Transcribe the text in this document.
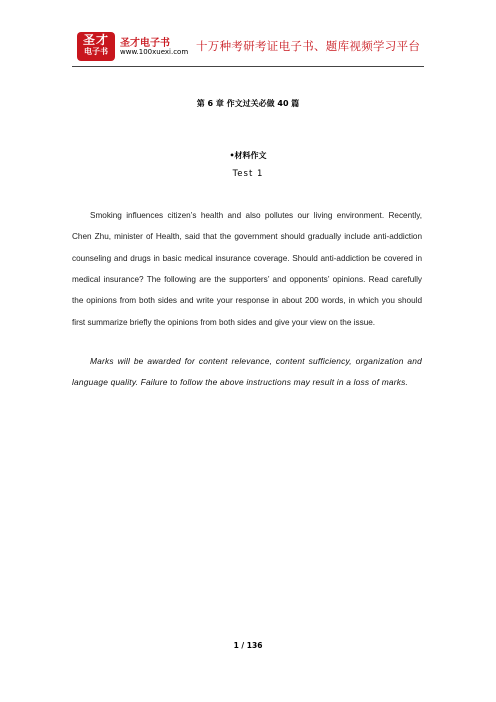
圣才
电子书
圣才电子书
www.100xuexi.com 十万种考研考证电子书、题库视频学习平台
第 6 章 作文过关必做 40 篇
•材料作文
Test 1

Smoking influences citizen’s health and also pollutes our living environment. Recently, Chen Zhu, minister of Health, said that the government should gradually include anti-addiction counseling and drugs in basic medical insurance coverage. Should anti-addiction be covered in medical insurance? The following are the supporters’ and opponents’ opinions. Read carefully the opinions from both sides and write your response in about 200 words, in which you should first summarize briefly the opinions from both sides and give your view on the issue.

Marks will be awarded for content relevance, content sufficiency, organization and language quality. Failure to follow the above instructions may result in a loss of marks.

1 / 136
